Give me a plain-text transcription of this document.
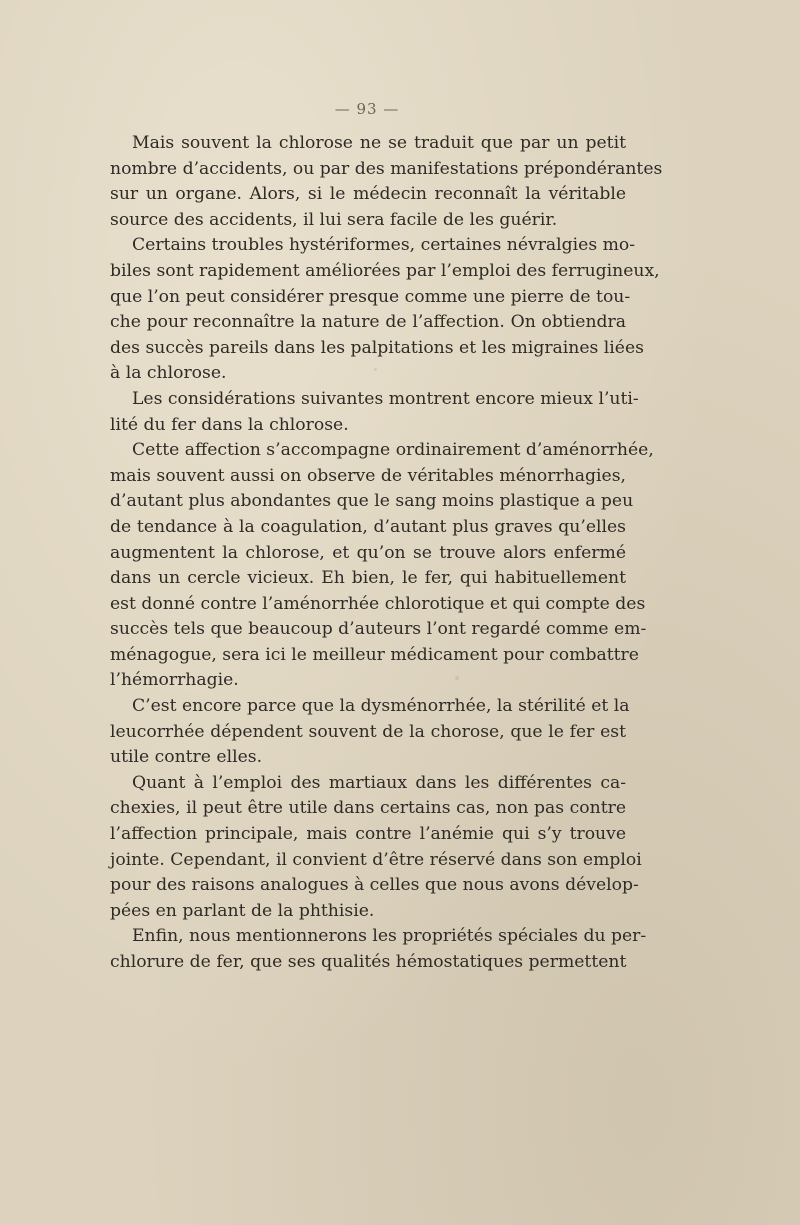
— 93 —

Mais souvent la chlorose ne se traduit que par un petit
nombre d’accidents, ou par des manifestations prépondérantes
sur un organe. Alors, si le médecin reconnaît la véritable
source des accidents, il lui sera facile de les guérir.

Certains troubles hystériformes, certaines névralgies mo-
biles sont rapidement améliorées par l’emploi des ferrugineux,
que l’on peut considérer presque comme une pierre de tou-
che pour reconnaître la nature de l’affection. On obtiendra
des succès pareils dans les palpitations et les migraines liées
à la chlorose.

Les considérations suivantes montrent encore mieux l’uti-
lité du fer dans la chlorose.

Cette affection s’accompagne ordinairement d’aménorrhée,
mais souvent aussi on observe de véritables ménorrhagies,
d’autant plus abondantes que le sang moins plastique a peu
de tendance à la coagulation, d’autant plus graves qu’elles
augmentent la chlorose, et qu’on se trouve alors enfermé
dans un cercle vicieux. Eh bien, le fer, qui habituellement
est donné contre l’aménorrhée chlorotique et qui compte des
succès tels que beaucoup d’auteurs l’ont regardé comme em-
ménagogue, sera ici le meilleur médicament pour combattre
l’hémorrhagie.

C’est encore parce que la dysménorrhée, la stérilité et la
leucorrhée dépendent souvent de la chorose, que le fer est
utile contre elles.

Quant à l’emploi des martiaux dans les différentes ca-
chexies, il peut être utile dans certains cas, non pas contre
l’affection principale, mais contre l’anémie qui s’y trouve
jointe. Cependant, il convient d’être réservé dans son emploi
pour des raisons analogues à celles que nous avons dévelop-
pées en parlant de la phthisie.

Enfin, nous mentionnerons les propriétés spéciales du per-
chlorure de fer, que ses qualités hémostatiques permettent
